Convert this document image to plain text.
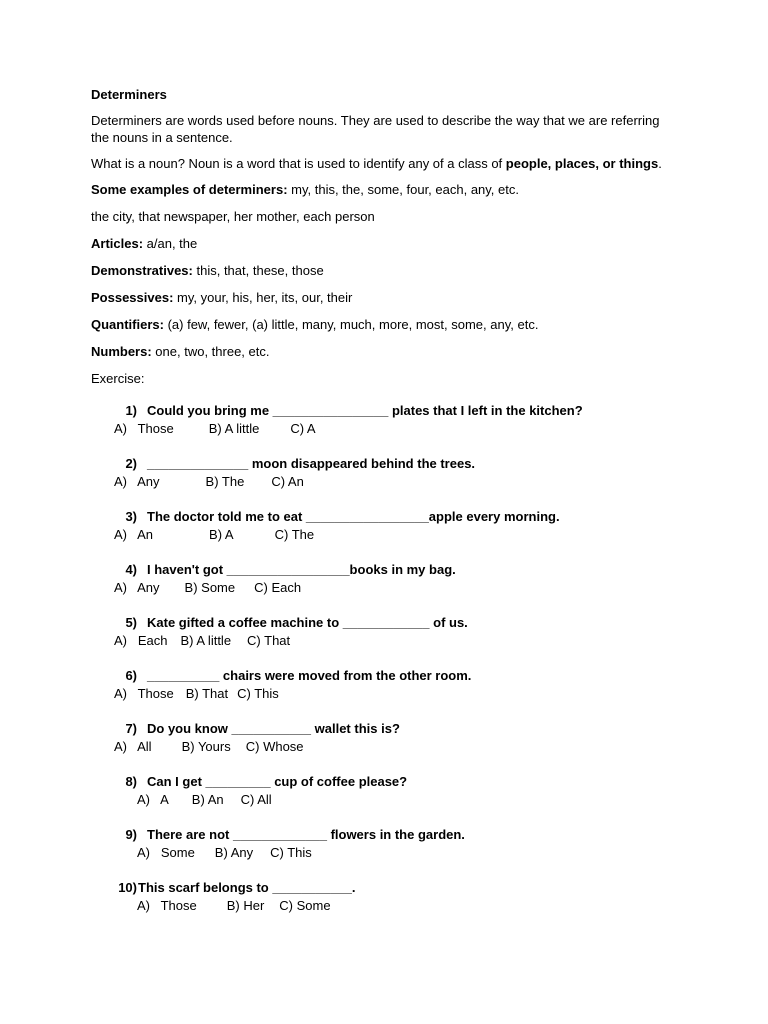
Determiners
Determiners are words used before nouns. They are used to describe the way that we are referring the nouns in a sentence.
What is a noun? Noun is a word that is used to identify any of a class of people, places, or things.
Some examples of determiners: my, this, the, some, four, each, any, etc.
the city, that newspaper, her mother, each person
Articles: a/an, the
Demonstratives: this, that, these, those
Possessives: my, your, his, her, its, our, their
Quantifiers: (a) few, fewer, (a) little, many, much, more, most, some, any, etc.
Numbers: one, two, three, etc.
Exercise:
1) Could you bring me ________________ plates that I left in the kitchen?
A)   Those	B) A little C) A
2) ______________ moon disappeared behind the trees.
A)   Any	B) The C) An
3) The doctor told me to eat _________________apple every morning.
A)   An	B) A	C) The
4) I haven't got _________________books in my bag.
A)   Any B) Some C) Each
5) Kate gifted a coffee machine to ____________ of us.
A)   Each B) A little C) That
6) __________ chairs were moved from the other room.
A)   Those B) That C) This
7) Do you know ___________ wallet this is?
A)   All B) Yours C) Whose
8) Can I get _________ cup of coffee please?
A)   A B) An C) All
9) There are not _____________ flowers in the garden.
A)   Some B) Any C) This
10) This scarf belongs to ___________.
A)   Those B) Her C) Some
